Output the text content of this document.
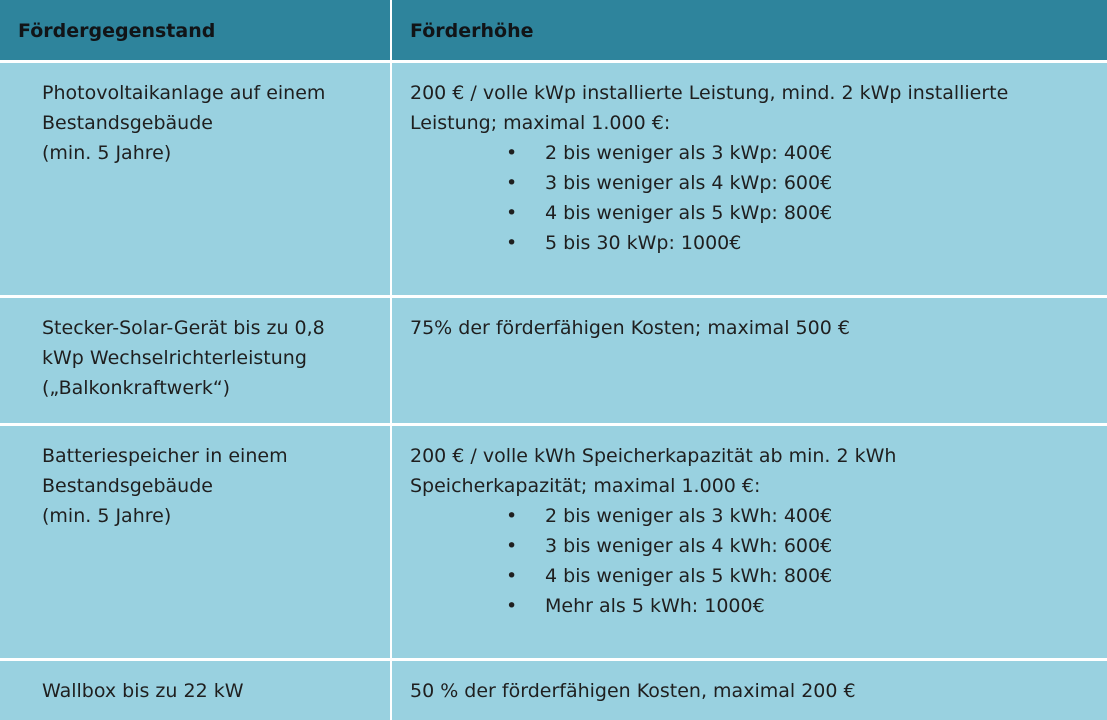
Fördergegenstand	Förderhöhe
Photovoltaikanlage auf einem
Bestandsgebäude
(min. 5 Jahre)
200 € / volle kWp installierte Leistung, mind. 2 kWp installierte
Leistung; maximal 1.000 €:
• 2 bis weniger als 3 kWp: 400€
• 3 bis weniger als 4 kWp: 600€
• 4 bis weniger als 5 kWp: 800€
• 5 bis 30 kWp: 1000€
Stecker-Solar-Gerät bis zu 0,8
kWp Wechselrichterleistung
(„Balkonkraftwerk“)
75% der förderfähigen Kosten; maximal 500 €
Batteriespeicher in einem
Bestandsgebäude
(min. 5 Jahre)
200 € / volle kWh Speicherkapazität ab min. 2 kWh
Speicherkapazität; maximal 1.000 €:
• 2 bis weniger als 3 kWh: 400€
• 3 bis weniger als 4 kWh: 600€
• 4 bis weniger als 5 kWh: 800€
• Mehr als 5 kWh: 1000€
Wallbox bis zu 22 kW	50 % der förderfähigen Kosten, maximal 200 €
